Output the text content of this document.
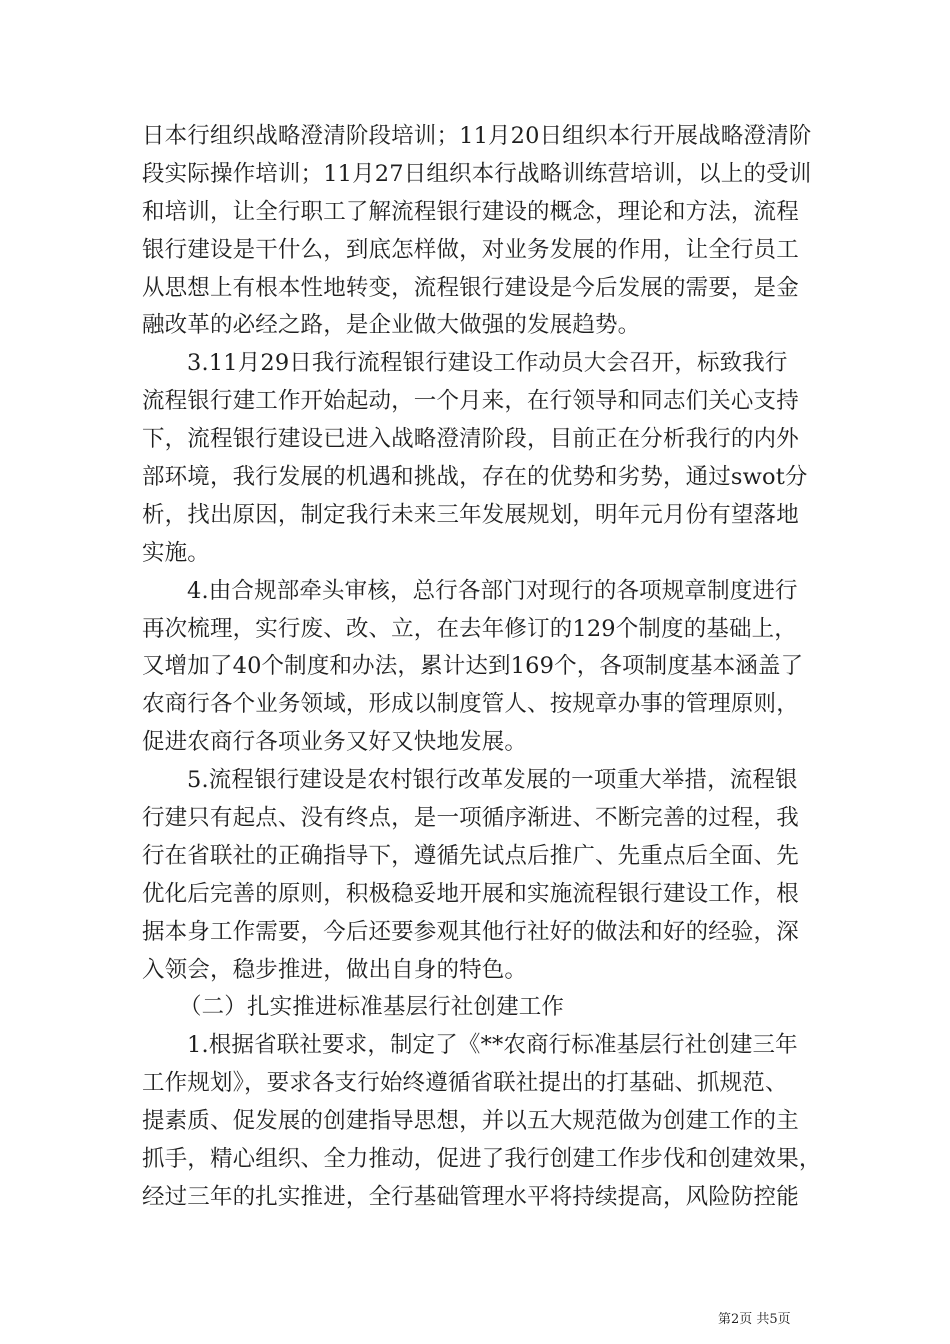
日本行组织战略澄清阶段培训；11月20日组织本行开展战略澄清阶
段实际操作培训；11月27日组织本行战略训练营培训，以上的受训
和培训，让全行职工了解流程银行建设的概念，理论和方法，流程
银行建设是干什么，到底怎样做，对业务发展的作用，让全行员工
从思想上有根本性地转变，流程银行建设是今后发展的需要，是金
融改革的必经之路，是企业做大做强的发展趋势。
3.11月29日我行流程银行建设工作动员大会召开，标致我行
流程银行建工作开始起动，一个月来，在行领导和同志们关心支持
下，流程银行建设已进入战略澄清阶段，目前正在分析我行的内外
部环境，我行发展的机遇和挑战，存在的优势和劣势，通过swot分
析，找出原因，制定我行未来三年发展规划，明年元月份有望落地
实施。
4.由合规部牵头审核，总行各部门对现行的各项规章制度进行
再次梳理，实行废、改、立，在去年修订的129个制度的基础上，
又增加了40个制度和办法，累计达到169个，各项制度基本涵盖了
农商行各个业务领域，形成以制度管人、按规章办事的管理原则，
促进农商行各项业务又好又快地发展。
5.流程银行建设是农村银行改革发展的一项重大举措，流程银
行建只有起点、没有终点，是一项循序渐进、不断完善的过程，我
行在省联社的正确指导下，遵循先试点后推广、先重点后全面、先
优化后完善的原则，积极稳妥地开展和实施流程银行建设工作，根
据本身工作需要，今后还要参观其他行社好的做法和好的经验，深
入领会，稳步推进，做出自身的特色。
（二）扎实推进标准基层行社创建工作
1.根据省联社要求，制定了《**农商行标准基层行社创建三年
工作规划》，要求各支行始终遵循省联社提出的打基础、抓规范、
提素质、促发展的创建指导思想，并以五大规范做为创建工作的主
抓手，精心组织、全力推动，促进了我行创建工作步伐和创建效果，
经过三年的扎实推进，全行基础管理水平将持续提高，风险防控能
第2页 共5页
